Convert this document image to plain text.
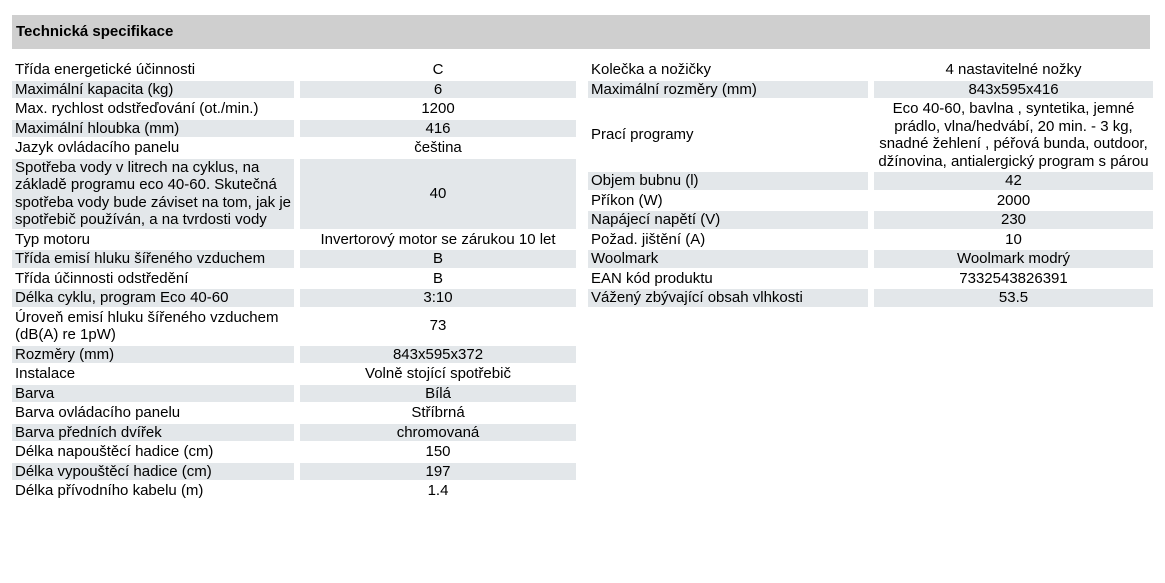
Technická specifikace
Třída energetické účinnosti	C
Maximální kapacita (kg)	6
Max. rychlost odstřeďování (ot./min.)	1200
Maximální hloubka (mm)	416
Jazyk ovládacího panelu	čeština
Spotřeba vody v litrech na cyklus, na základě programu eco 40-60. Skutečná spotřeba vody bude záviset na tom, jak je spotřebič používán, a na tvrdosti vody	40
Typ motoru	Invertorový motor se zárukou 10 let
Třída emisí hluku šířeného vzduchem	B
Třída účinnosti odstředění	B
Délka cyklu, program Eco 40-60	3:10
Úroveň emisí hluku šířeného vzduchem (dB(A) re 1pW)	73
Rozměry (mm)	843x595x372
Instalace	Volně stojící spotřebič
Barva	Bílá
Barva ovládacího panelu	Stříbrná
Barva předních dvířek	chromovaná
Délka napouštěcí hadice (cm)	150
Délka vypouštěcí hadice (cm)	197
Délka přívodního kabelu (m)	1.4
Kolečka a nožičky	4 nastavitelné nožky
Maximální rozměry (mm)	843x595x416
Prací programy	Eco 40-60, bavlna , syntetika, jemné prádlo, vlna/hedvábí, 20 min. - 3 kg, snadné žehlení , péřová bunda, outdoor, džínovina, antialergický program s párou
Objem bubnu (l)	42
Příkon (W)	2000
Napájecí napětí (V)	230
Požad. jištění (A)	10
Woolmark	Woolmark modrý
EAN kód produktu	7332543826391
Vážený zbývající obsah vlhkosti	53.5
